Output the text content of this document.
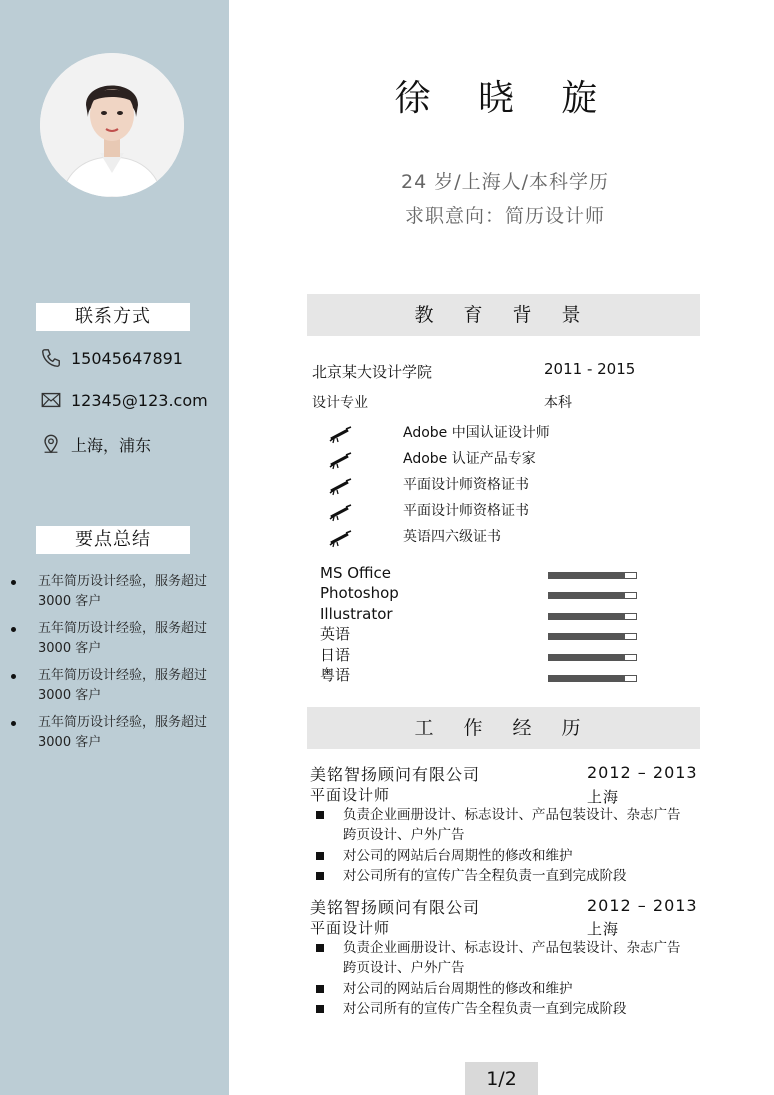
联系方式
15045647891
12345@123.com
上海，浦东
要点总结
五年简历设计经验，服务超过 3000 客户
五年简历设计经验，服务超过 3000 客户
五年简历设计经验，服务超过 3000 客户
五年简历设计经验，服务超过 3000 客户
徐 晓 旋
24 岁/上海人/本科学历
求职意向：简历设计师
教 育 背 景
北京某大设计学院	2011 - 2015
设计专业	本科
Adobe 中国认证设计师
Adobe 认证产品专家
平面设计师资格证书
平面设计师资格证书
英语四六级证书
MS Office
Photoshop
Illustrator
英语
日语
粤语
工 作 经 历
美铭智扬顾问有限公司	2012 – 2013
平面设计师	上海
负责企业画册设计、标志设计、产品包装设计、杂志广告跨页设计、户外广告
对公司的网站后台周期性的修改和维护
对公司所有的宣传广告全程负责一直到完成阶段
美铭智扬顾问有限公司	2012 – 2013
平面设计师	上海
负责企业画册设计、标志设计、产品包装设计、杂志广告跨页设计、户外广告
对公司的网站后台周期性的修改和维护
对公司所有的宣传广告全程负责一直到完成阶段
1/2
